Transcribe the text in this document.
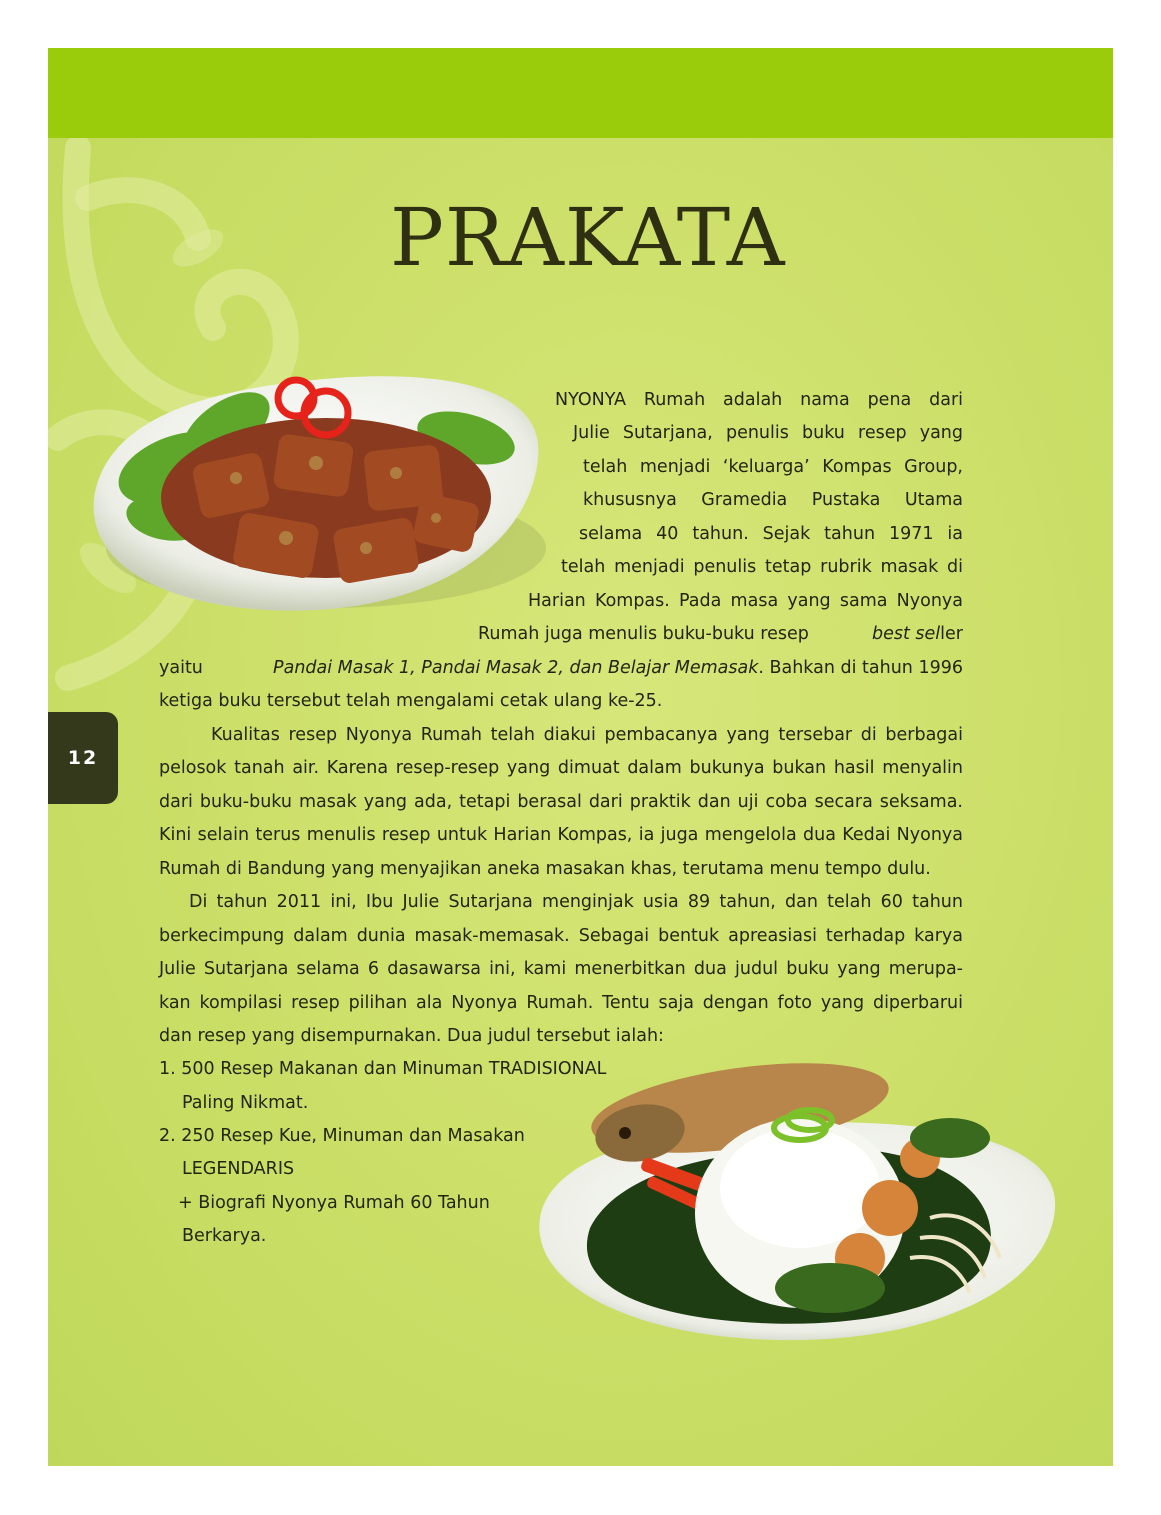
PRAKATA
12
NYONYA Rumah adalah nama pena dari
Julie Sutarjana, penulis buku resep yang
telah menjadi ‘keluarga’ Kompas Group,
khususnya Gramedia Pustaka Utama
selama 40 tahun. Sejak tahun 1971 ia
telah menjadi penulis tetap rubrik masak di
Harian Kompas. Pada masa yang sama Nyonya
Rumah juga menulis buku-buku resep	best seller
yaitu	Pandai Masak 1, Pandai Masak 2, dan Belajar Memasak. Bahkan di tahun 1996
ketiga buku tersebut telah mengalami cetak ulang ke-25.
Kualitas resep Nyonya Rumah telah diakui pembacanya yang tersebar di berbagai
pelosok tanah air. Karena resep-resep yang dimuat dalam bukunya bukan hasil menyalin
dari buku-buku masak yang ada, tetapi berasal dari praktik dan uji coba secara seksama.
Kini selain terus menulis resep untuk Harian Kompas, ia juga mengelola dua Kedai Nyonya
Rumah di Bandung yang menyajikan aneka masakan khas, terutama menu tempo dulu.
Di tahun 2011 ini, Ibu Julie Sutarjana menginjak usia 89 tahun, dan telah 60 tahun
berkecimpung dalam dunia masak-memasak. Sebagai bentuk apreasiasi terhadap karya
Julie Sutarjana selama 6 dasawarsa ini, kami menerbitkan dua judul buku yang merupa-
kan kompilasi resep pilihan ala Nyonya Rumah. Tentu saja dengan foto yang diperbarui
dan resep yang disempurnakan. Dua judul tersebut ialah:
1. 500 Resep Makanan dan Minuman TRADISIONAL
Paling Nikmat.
2. 250 Resep Kue, Minuman dan Masakan
LEGENDARIS
+ Biografi Nyonya Rumah 60 Tahun
Berkarya.
